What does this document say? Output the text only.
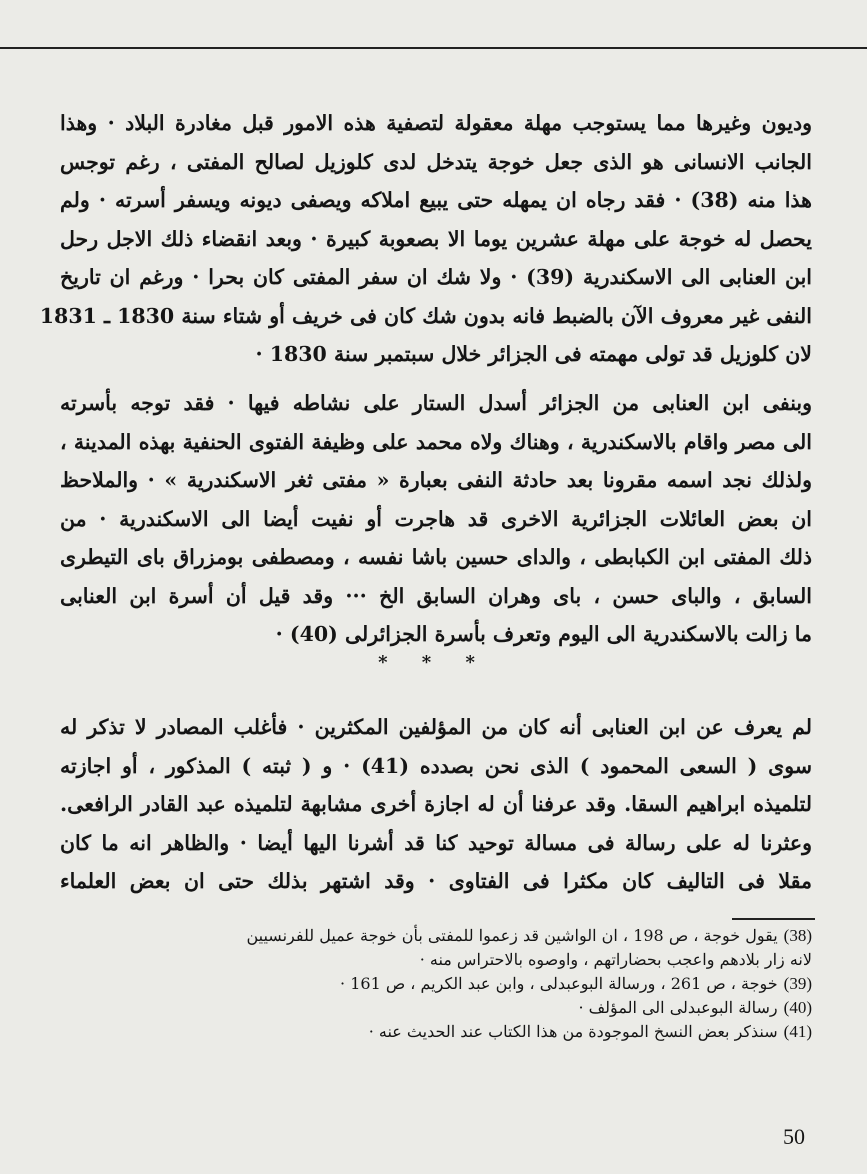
وديون وغيرها مما يستوجب مهلة معقولة لتصفية هذه الامور قبل مغادرة البلاد · وهذا

الجانب الانسانى هو الذى جعل خوجة يتدخل لدى كلوزيل لصالح المفتى ، رغم توجس

هذا منه (38) · فقد رجاه ان يمهله حتى يبيع املاكه ويصفى ديونه ويسفر أسرته · ولم

يحصل له خوجة على مهلة عشرين يوما الا بصعوبة كبيرة · وبعد انقضاء ذلك الاجل رحل

ابن العنابى الى الاسكندرية (39) · ولا شك ان سفر المفتى كان بحرا · ورغم ان تاريخ

النفى غير معروف الآن بالضبط فانه بدون شك كان فى خريف أو شتاء سنة 1830 ـ 1831

لان كلوزيل قد تولى مهمته فى الجزائر خلال سبتمبر سنة 1830 ·

وبنفى ابن العنابى من الجزائر أسدل الستار على نشاطه فيها · فقد توجه بأسرته

الى مصر واقام بالاسكندرية ، وهناك ولاه محمد على وظيفة الفتوى الحنفية بهذه المدينة ،

ولذلك نجد اسمه مقرونا بعد حادثة النفى بعبارة « مفتى ثغر الاسكندرية » · والملاحظ

ان بعض العائلات الجزائرية الاخرى قد هاجرت أو نفيت أيضا الى الاسكندرية · من

ذلك المفتى ابن الكبابطى ، والداى حسين باشا نفسه ، ومصطفى بومزراق باى التيطرى

السابق ، والباى حسن ، باى وهران السابق الخ ··· وقد قيل أن أسرة ابن العنابى

ما زالت بالاسكندرية الى اليوم وتعرف بأسرة الجزائرلى (40) ·

* * *

لم يعرف عن ابن العنابى أنه كان من المؤلفين المكثرين · فأغلب المصادر لا تذكر له

سوى ( السعى المحمود ) الذى نحن بصدده (41) · و ( ثبته ) المذكور ، أو اجازته

لتلميذه ابراهيم السقا. وقد عرفنا أن له اجازة أخرى مشابهة لتلميذه عبد القادر الرافعى.

وعثرنا له على رسالة فى مسالة توحيد كنا قد أشرنا اليها أيضا · والظاهر انه ما كان

مقلا فى التاليف كان مكثرا فى الفتاوى · وقد اشتهر بذلك حتى ان بعض العلماء

(38)يقول خوجة ، ص 198 ، ان الواشين قد زعموا للمفتى بأن خوجة عميل للفرنسيين

لانه زار بلادهم واعجب بحضاراتهم ، واوصوه بالاحتراس منه ·

(39)خوجة ، ص 261 ، ورسالة البوعبدلى ، وابن عبد الكريم ، ص 161 ·

(40)رسالة البوعبدلى الى المؤلف ·

(41)سنذكر بعض النسخ الموجودة من هذا الكتاب عند الحديث عنه ·

50
